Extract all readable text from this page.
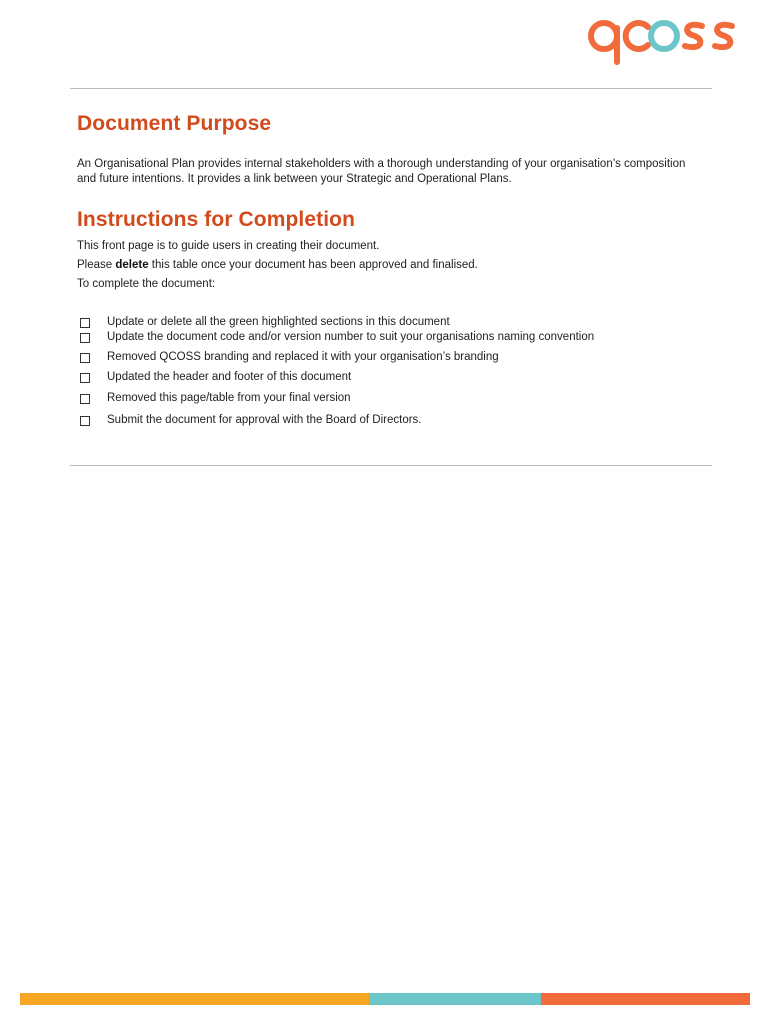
Document Purpose

An Organisational Plan provides internal stakeholders with a thorough understanding of your organisation’s composition and future intentions. It provides a link between your Strategic and Operational Plans.

Instructions for Completion

This front page is to guide users in creating their document.

Please delete this table once your document has been approved and finalised.

To complete the document:

Update or delete all the green highlighted sections in this document
Update the document code and/or version number to suit your organisations naming convention
Removed QCOSS branding and replaced it with your organisation’s branding
Updated the header and footer of this document
Removed this page/table from your final version
Submit the document for approval with the Board of Directors.
